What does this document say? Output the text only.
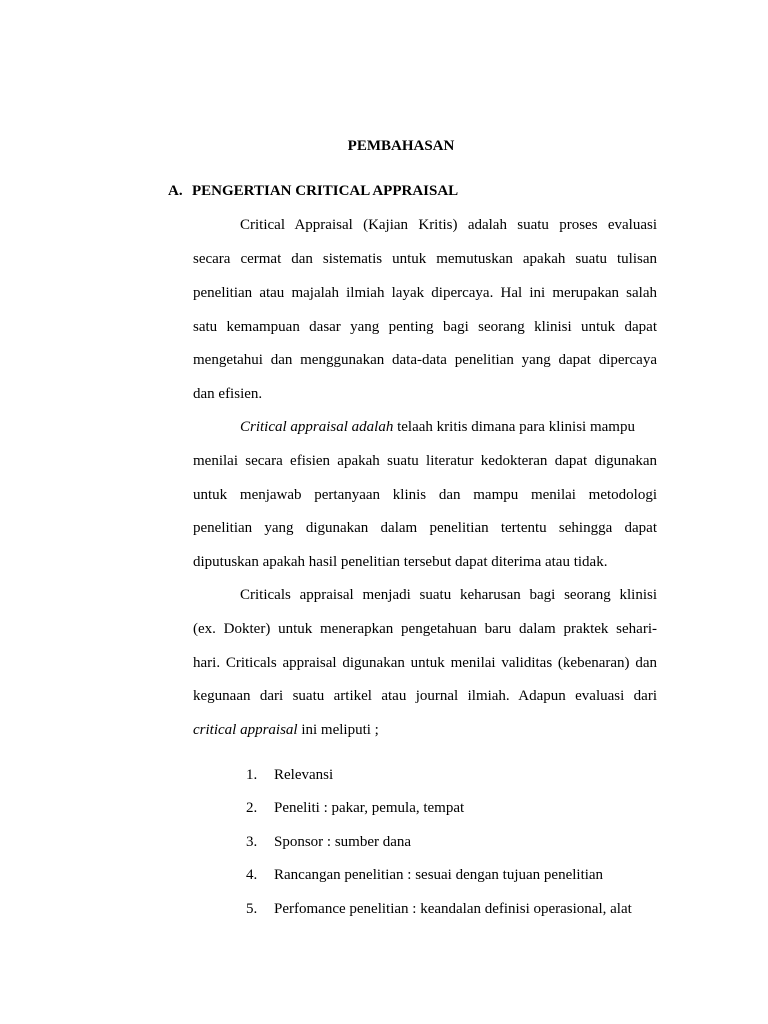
PEMBAHASAN
A. PENGERTIAN CRITICAL APPRAISAL
Critical Appraisal (Kajian Kritis) adalah suatu proses evaluasi
secara cermat dan sistematis untuk memutuskan apakah suatu tulisan
penelitian atau majalah ilmiah layak dipercaya. Hal ini merupakan salah
satu kemampuan dasar yang penting bagi seorang klinisi untuk dapat
mengetahui dan menggunakan data-data penelitian yang dapat dipercaya
dan efisien.
Critical appraisal adalah telaah kritis dimana para klinisi mampu
menilai secara efisien apakah suatu literatur kedokteran dapat digunakan
untuk menjawab pertanyaan klinis dan mampu menilai metodologi
penelitian yang digunakan dalam penelitian tertentu sehingga dapat
diputuskan apakah hasil penelitian tersebut dapat diterima atau tidak.
Criticals appraisal menjadi suatu keharusan bagi seorang klinisi
(ex. Dokter) untuk menerapkan pengetahuan baru dalam praktek sehari-
hari. Criticals appraisal digunakan untuk menilai validitas (kebenaran) dan
kegunaan dari suatu artikel atau journal ilmiah. Adapun evaluasi dari
critical appraisal ini meliputi ;
1. Relevansi
2. Peneliti : pakar, pemula, tempat
3. Sponsor : sumber dana
4. Rancangan penelitian : sesuai dengan tujuan penelitian
5. Perfomance penelitian : keandalan definisi operasional, alat
